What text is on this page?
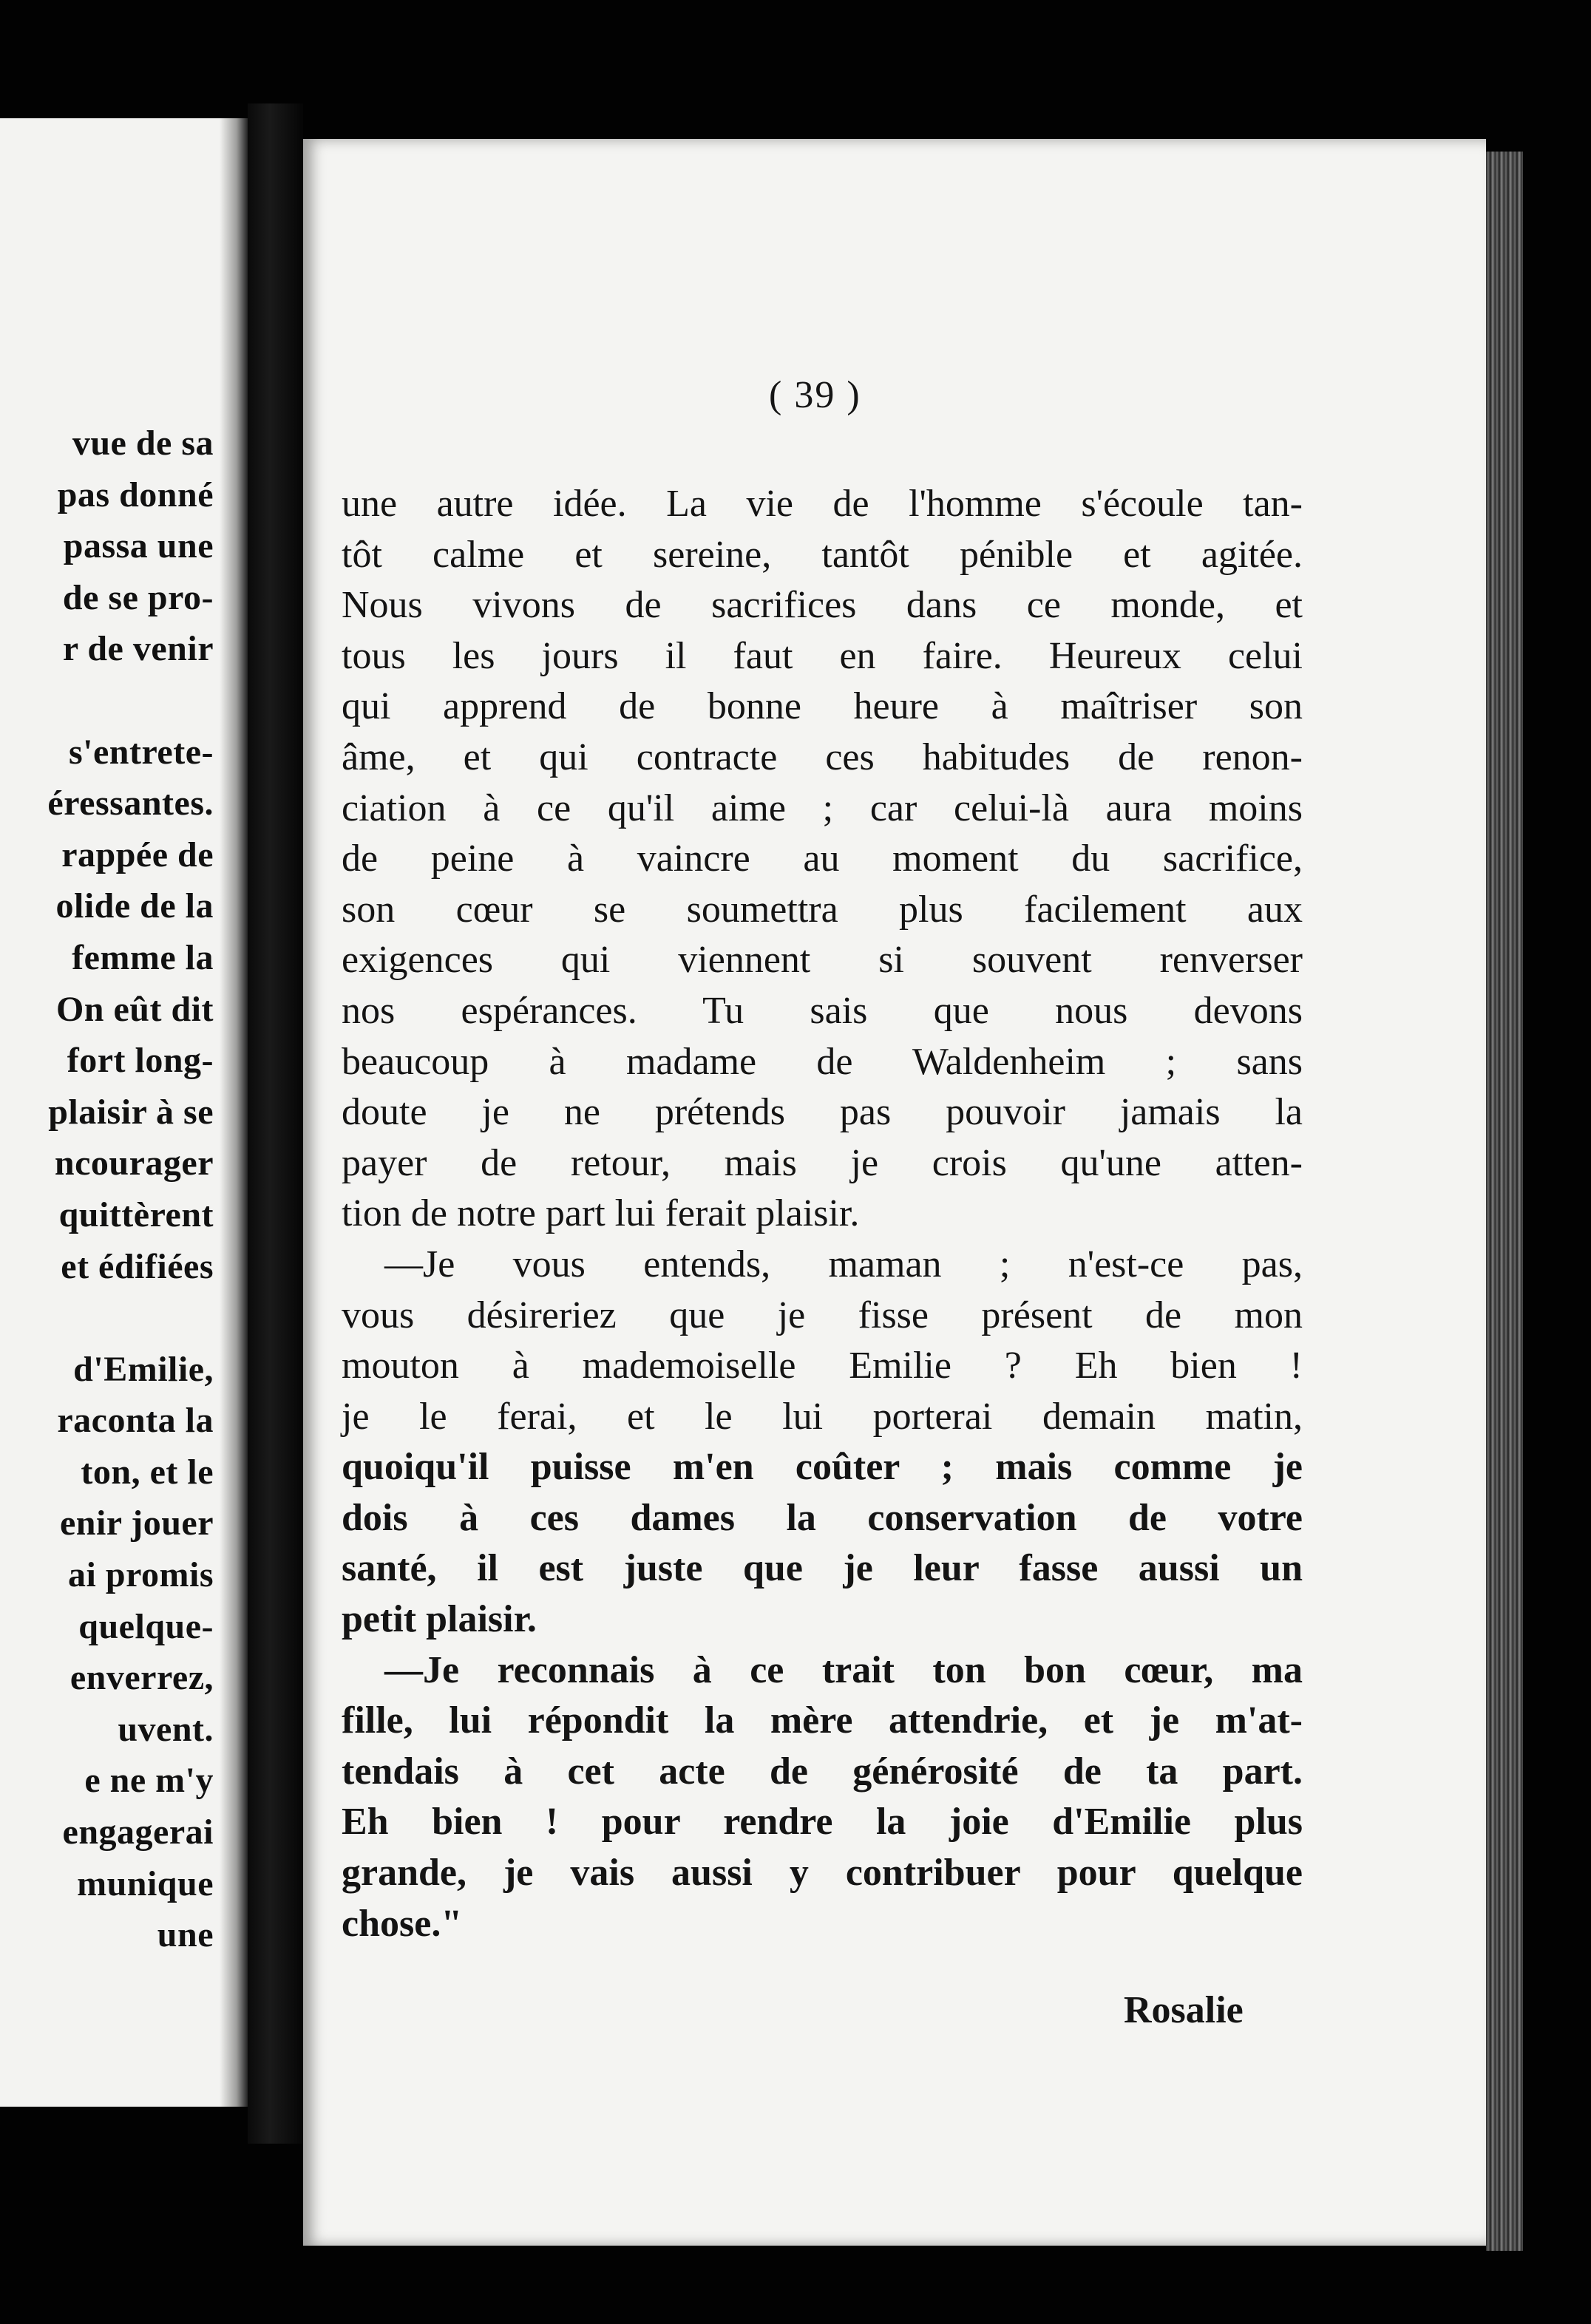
vue de sa
pas donné
passa une
de se pro-
r de venir
s'entrete-
éressantes.
rappée de
olide de la
femme la
On eût dit
fort long-
plaisir à se
ncourager
quittèrent
et édifiées
d'Emilie,
raconta la
ton, et le
enir jouer
ai promis
quelque-
enverrez,
uvent.
e ne m'y
engagerai
munique
une
( 39 )
une autre idée. La vie de l'homme s'écoule tan-
tôt calme et sereine, tantôt pénible et agitée.
Nous vivons de sacrifices dans ce monde, et
tous les jours il faut en faire. Heureux celui
qui apprend de bonne heure à maîtriser son
âme, et qui contracte ces habitudes de renon-
ciation à ce qu'il aime ; car celui-là aura moins
de peine à vaincre au moment du sacrifice,
son cœur se soumettra plus facilement aux
exigences qui viennent si souvent renverser
nos espérances. Tu sais que nous devons
beaucoup à madame de Waldenheim ; sans
doute je ne prétends pas pouvoir jamais la
payer de retour, mais je crois qu'une atten-
tion de notre part lui ferait plaisir.
—Je vous entends, maman ; n'est-ce pas,
vous désireriez que je fisse présent de mon
mouton à mademoiselle Emilie ? Eh bien !
je le ferai, et le lui porterai demain matin,
quoiqu'il puisse m'en coûter ; mais comme je
dois à ces dames la conservation de votre
santé, il est juste que je leur fasse aussi un
petit plaisir.
—Je reconnais à ce trait ton bon cœur, ma
fille, lui répondit la mère attendrie, et je m'at-
tendais à cet acte de générosité de ta part.
Eh bien ! pour rendre la joie d'Emilie plus
grande, je vais aussi y contribuer pour quelque
chose."
Rosalie
